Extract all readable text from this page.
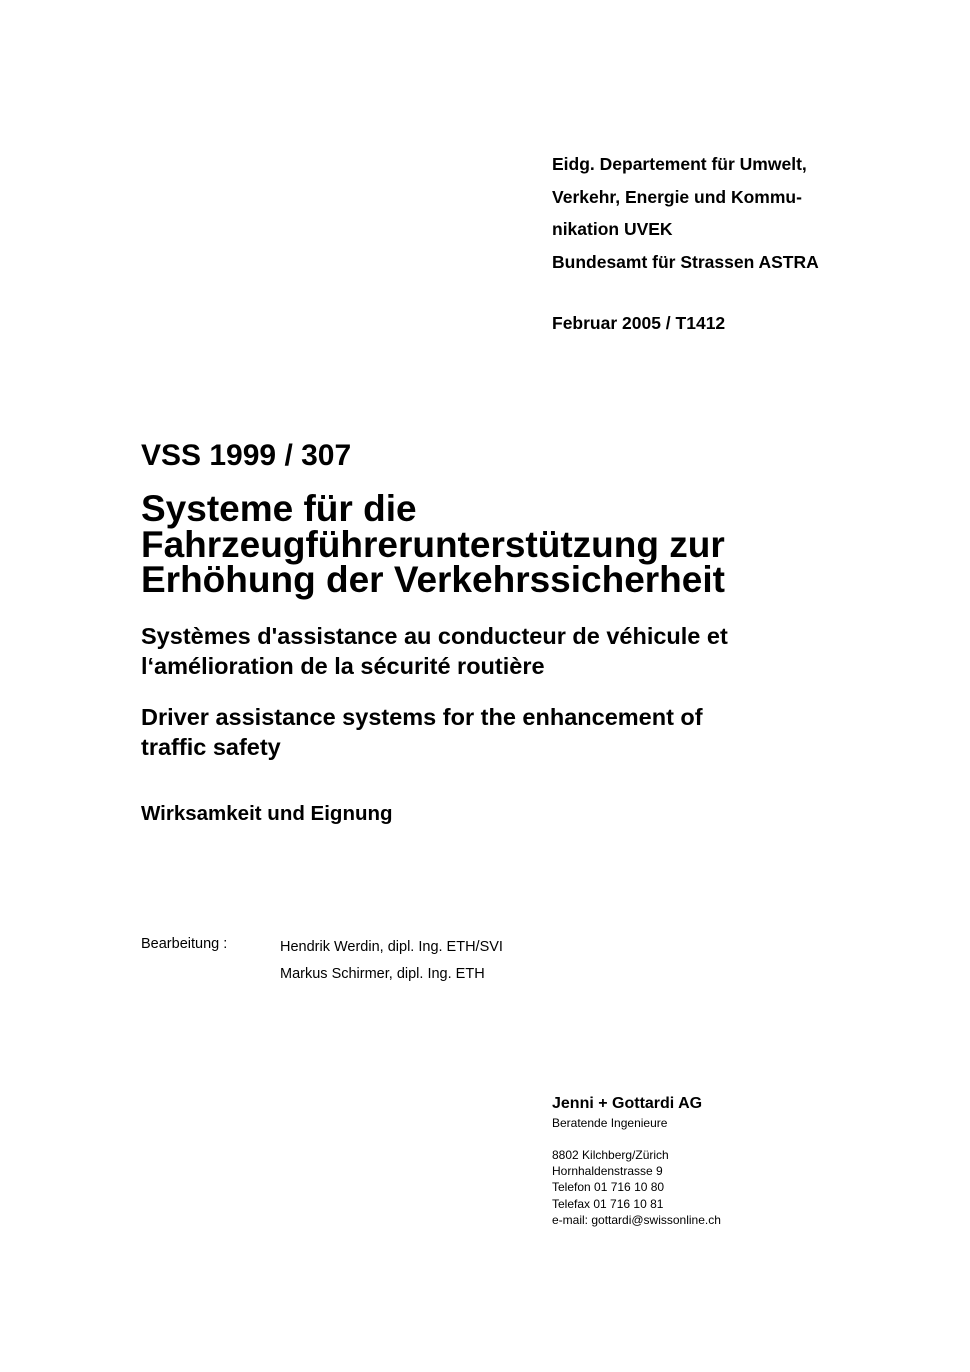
Eidg. Departement für Umwelt,
Verkehr, Energie und Kommu-
nikation UVEK
Bundesamt für Strassen ASTRA
Februar 2005 / T1412
VSS 1999 / 307
Systeme für die
Fahrzeugführerunterstützung zur
Erhöhung der Verkehrssicherheit
Systèmes d'assistance au conducteur de véhicule et
l‘amélioration de la sécurité routière
Driver assistance systems for the enhancement of
traffic safety
Wirksamkeit und Eignung
Bearbeitung :	Hendrik Werdin, dipl. Ing. ETH/SVI
Markus Schirmer, dipl. Ing. ETH
Jenni + Gottardi AG
Beratende Ingenieure
8802 Kilchberg/Zürich
Hornhaldenstrasse 9
Telefon 01 716 10 80
Telefax 01 716 10 81
e-mail: gottardi@swissonline.ch
